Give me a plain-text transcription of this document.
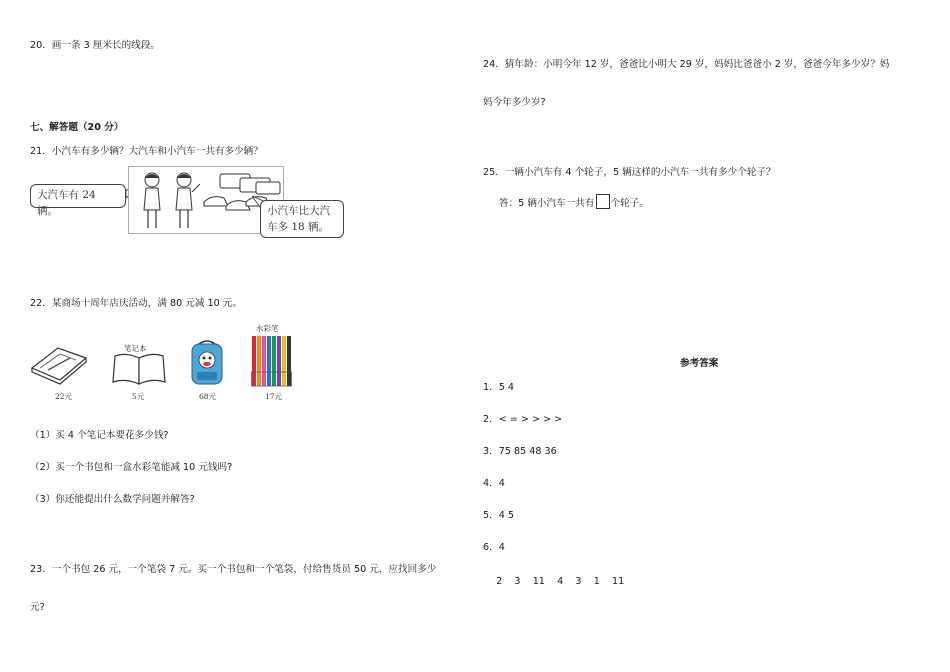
20．画一条 3 厘米长的线段。
七、解答题（20 分）
21．小汽车有多少辆？大汽车和小汽车一共有多少辆？
大汽车有 24 辆。	小汽车比大汽
车多 18 辆。
22．某商场十周年店庆活动，满 80 元减 10 元。
22元
笔记本
5元	68元
水彩笔
17元
（1）买 4 个笔记本要花多少钱?
（2）买一个书包和一盒水彩笔能减 10 元钱吗?
（3）你还能提出什么数学问题并解答?
23．一个书包 26 元，一个笔袋 7 元。买一个书包和一个笔袋，付给售货员 50 元，应找回多少
元?
24．猜年龄：小明今年 12 岁，爸爸比小明大 29 岁，妈妈比爸爸小 2 岁，爸爸今年多少岁？妈
妈今年多少岁?
25．一辆小汽车有 4 个轮子，5 辆这样的小汽车一共有多少个轮子？
答：5 辆小汽车一共有 个轮子。
参考答案
1．5 4
2．< = > > > >
3．75 85 48 36
4．4
5．4 5
6．4
2    3    11    4    3    1    11
